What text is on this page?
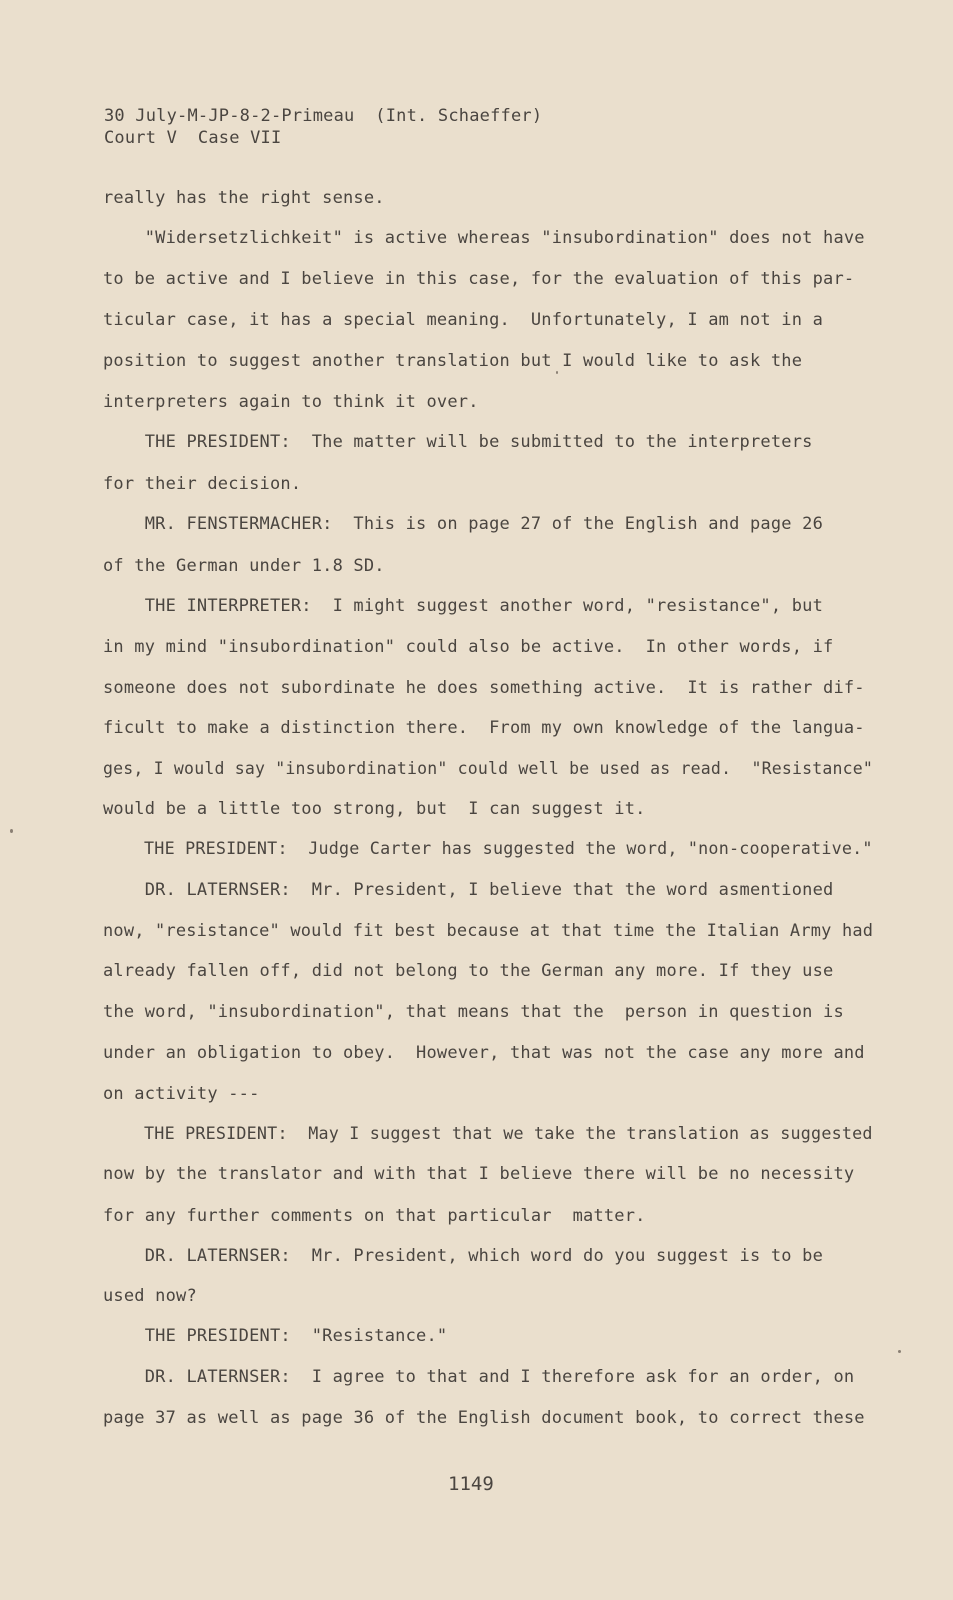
30 July-M-JP-8-2-Primeau  (Int. Schaeffer)

Court V  Case VII

really has the right sense.

"Widersetzlichkeit" is active whereas "insubordination" does not have

to be active and I believe in this case, for the evaluation of this par-

ticular case, it has a special meaning.  Unfortunately, I am not in a

position to suggest another translation but I would like to ask the

interpreters again to think it over.

THE PRESIDENT:  The matter will be submitted to the interpreters

for their decision.

MR. FENSTERMACHER:  This is on page 27 of the English and page 26

of the German under 1.8 SD.

THE INTERPRETER:  I might suggest another word, "resistance", but

in my mind "insubordination" could also be active.  In other words, if

someone does not subordinate he does something active.  It is rather dif-

ficult to make a distinction there.  From my own knowledge of the langua-

ges, I would say "insubordination" could well be used as read.  "Resistance"

would be a little too strong, but  I can suggest it.

THE PRESIDENT:  Judge Carter has suggested the word, "non-cooperative."

DR. LATERNSER:  Mr. President, I believe that the word asmentioned

now, "resistance" would fit best because at that time the Italian Army had

already fallen off, did not belong to the German any more. If they use

the word, "insubordination", that means that the  person in question is

under an obligation to obey.  However, that was not the case any more and

on activity ---

THE PRESIDENT:  May I suggest that we take the translation as suggested

now by the translator and with that I believe there will be no necessity

for any further comments on that particular  matter.

DR. LATERNSER:  Mr. President, which word do you suggest is to be

used now?

THE PRESIDENT:  "Resistance."

DR. LATERNSER:  I agree to that and I therefore ask for an order, on

page 37 as well as page 36 of the English document book, to correct these

1149
